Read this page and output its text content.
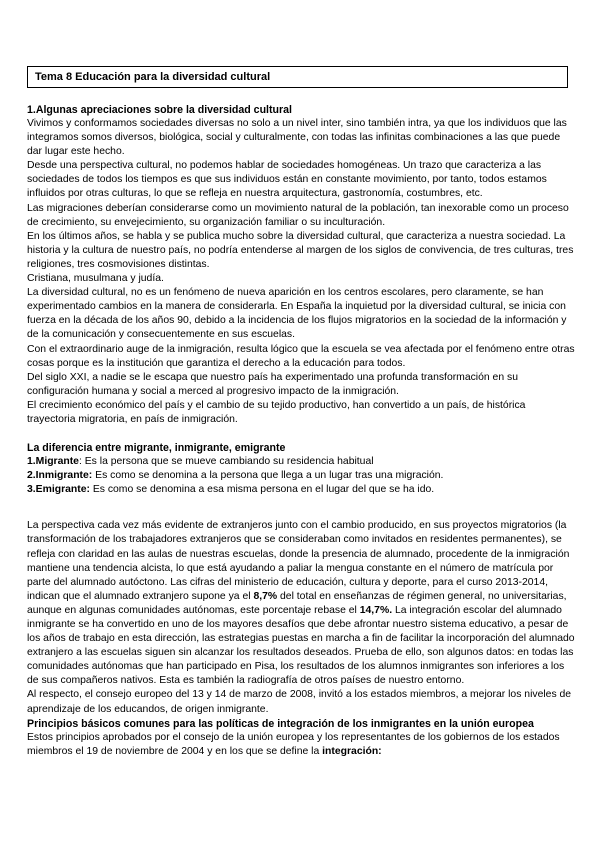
Tema 8 Educación para la diversidad cultural
1.Algunas apreciaciones sobre la diversidad cultural

Vivimos y conformamos sociedades diversas no solo a un nivel inter, sino también intra, ya que los individuos que las integramos somos diversos, biológica, social y culturalmente, con todas las infinitas combinaciones a las que puede dar lugar este hecho.

Desde una perspectiva cultural, no podemos hablar de sociedades homogéneas. Un trazo que caracteriza a las sociedades de todos los tiempos es que sus individuos están en constante movimiento, por tanto, todos estamos influidos por otras culturas, lo que se refleja en nuestra arquitectura, gastronomía, costumbres, etc.

Las migraciones deberían considerarse como un movimiento natural de la población, tan inexorable como un proceso de crecimiento, su envejecimiento, su organización familiar o su inculturación.

En los últimos años, se habla y se publica mucho sobre la diversidad cultural, que caracteriza a nuestra sociedad. La historia y la cultura de nuestro país, no podría entenderse al margen de los siglos de convivencia, de tres culturas, tres religiones, tres cosmovisiones distintas.

Cristiana, musulmana y judía.

La diversidad cultural, no es un fenómeno de nueva aparición en los centros escolares, pero claramente, se han experimentado cambios en la manera de considerarla. En España la inquietud por la diversidad cultural, se inicia con fuerza en la década de los años 90, debido a la incidencia de los flujos migratorios en la sociedad de la información y de la comunicación y consecuentemente en sus escuelas.

Con el extraordinario auge de la inmigración, resulta lógico que la escuela se vea afectada por el fenómeno entre otras cosas porque es la institución que garantiza el derecho a la educación para todos.

Del siglo XXI, a nadie se le escapa que nuestro país ha experimentado una profunda transformación en su configuración humana y social a merced al progresivo impacto de la inmigración.

El crecimiento económico del país y el cambio de su tejido productivo, han convertido a un país, de histórica trayectoria migratoria, en país de inmigración.

La diferencia entre migrante, inmigrante, emigrante

1.Migrante: Es la persona que se mueve cambiando su residencia habitual

2.Inmigrante: Es como se denomina a la persona que llega a un lugar tras una migración.

3.Emigrante: Es como se denomina a esa misma persona en el lugar del que se ha ido.

La perspectiva cada vez más evidente de extranjeros junto con el cambio producido, en sus proyectos migratorios (la transformación de los trabajadores extranjeros que se consideraban como invitados en residentes permanentes), se refleja con claridad en las aulas de nuestras escuelas, donde la presencia de alumnado, procedente de la inmigración mantiene una tendencia alcista, lo que está ayudando a paliar la mengua constante en el número de matrícula por parte del alumnado autóctono. Las cifras del ministerio de educación, cultura y deporte, para el curso 2013-2014, indican que el alumnado extranjero supone ya el 8,7% del total en enseñanzas de régimen general, no universitarias, aunque en algunas comunidades autónomas, este porcentaje rebase el 14,7%. La integración escolar del alumnado inmigrante se ha convertido en uno de los mayores desafíos que debe afrontar nuestro sistema educativo, a pesar de los años de trabajo en esta dirección, las estrategias puestas en marcha a fin de facilitar la incorporación del alumnado extranjero a las escuelas siguen sin alcanzar los resultados deseados. Prueba de ello, son algunos datos: en todas las comunidades autónomas que han participado en Pisa, los resultados de los alumnos inmigrantes son inferiores a los de sus compañeros nativos. Esta es también la radiografía de otros países de nuestro entorno.

Al respecto, el consejo europeo del 13 y 14 de marzo de 2008, invitó a los estados miembros, a mejorar los niveles de aprendizaje de los educandos, de origen inmigrante.

Principios básicos comunes para las políticas de integración de los inmigrantes en la unión europea

Estos principios aprobados por el consejo de la unión europea y los representantes de los gobiernos de los estados miembros el 19 de noviembre de 2004 y en los que se define la integración:
